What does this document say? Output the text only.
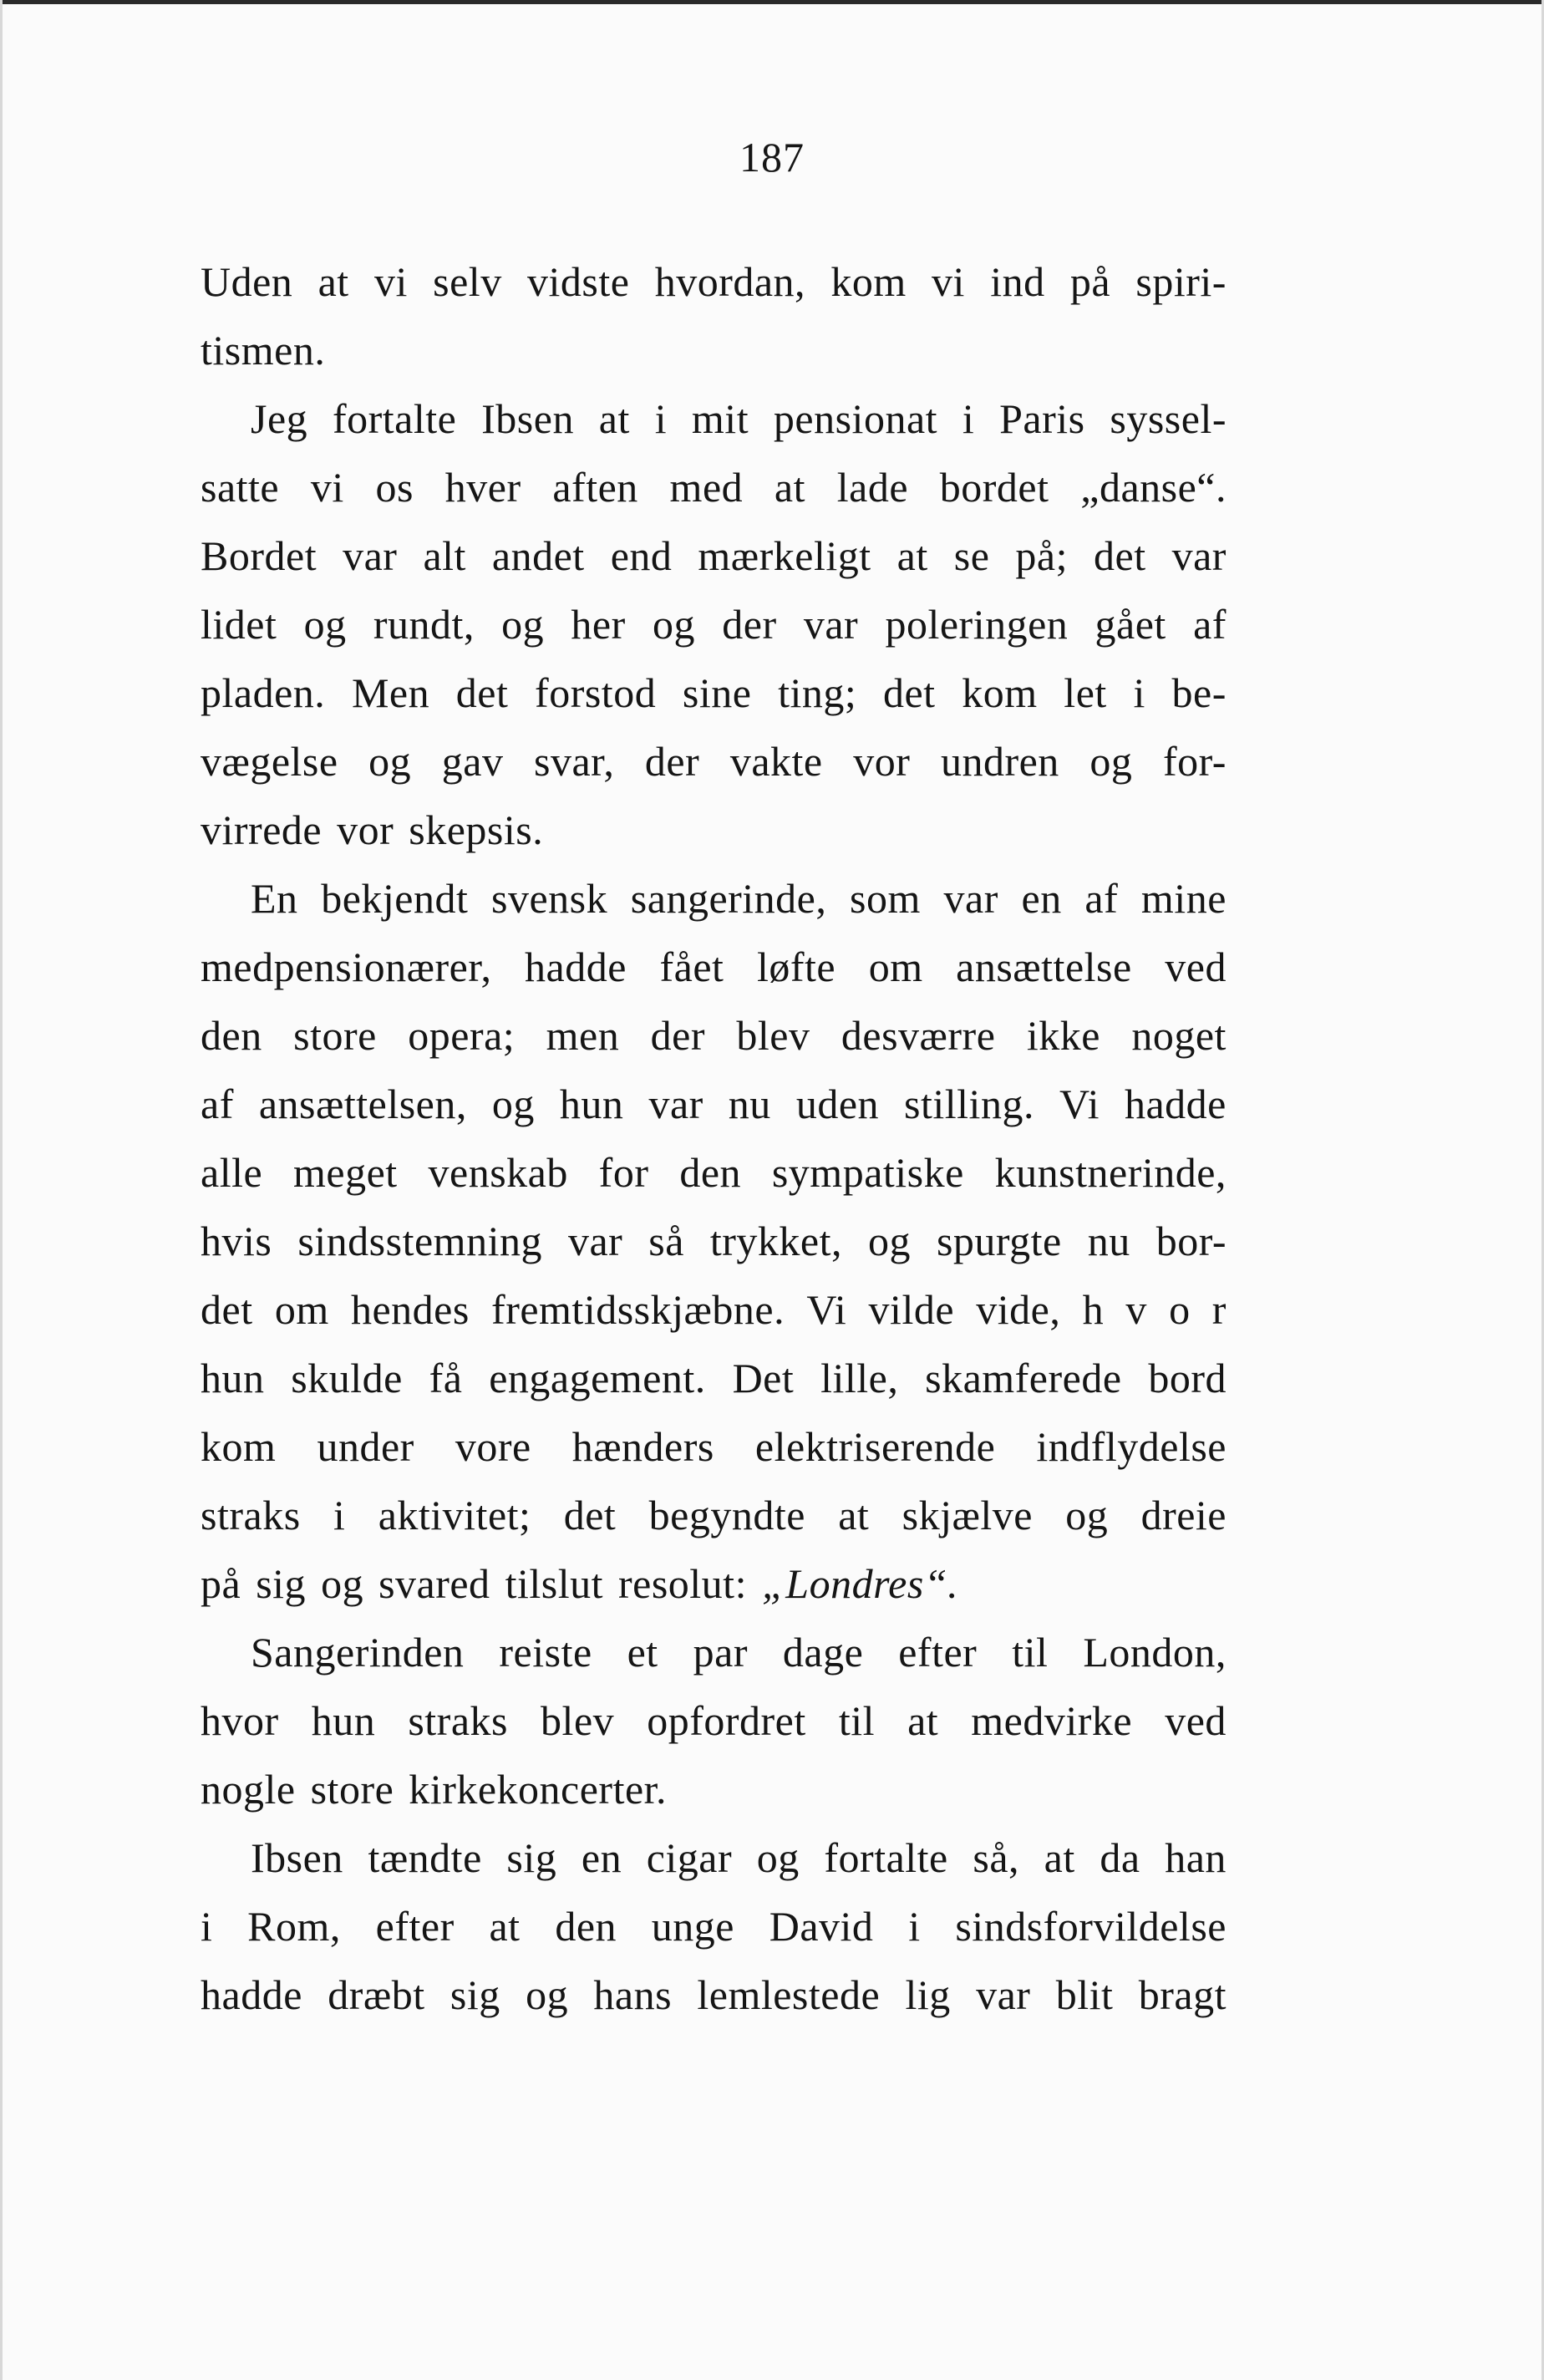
187
Uden at vi selv vidste hvordan, kom vi ind på spiri-
tismen.
Jeg fortalte Ibsen at i mit pensionat i Paris syssel-
satte vi os hver aften med at lade bordet „danse“.
Bordet var alt andet end mærkeligt at se på; det var
lidet og rundt, og her og der var poleringen gået af
pladen. Men det forstod sine ting; det kom let i be-
vægelse og gav svar, der vakte vor undren og for-
virrede vor skepsis.
En bekjendt svensk sangerinde, som var en af mine
medpensionærer, hadde fået løfte om ansættelse ved
den store opera; men der blev desværre ikke noget
af ansættelsen, og hun var nu uden stilling. Vi hadde
alle meget venskab for den sympatiske kunstnerinde,
hvis sindsstemning var så trykket, og spurgte nu bor-
det om hendes fremtidsskjæbne. Vi vilde vide, h v o r
hun skulde få engagement. Det lille, skamferede bord
kom under vore hænders elektriserende indflydelse
straks i aktivitet; det begyndte at skjælve og dreie
på sig og svared tilslut resolut: „Londres“.
Sangerinden reiste et par dage efter til London,
hvor hun straks blev opfordret til at medvirke ved
nogle store kirkekoncerter.
Ibsen tændte sig en cigar og fortalte så, at da han
i Rom, efter at den unge David i sindsforvildelse
hadde dræbt sig og hans lemlestede lig var blit bragt
